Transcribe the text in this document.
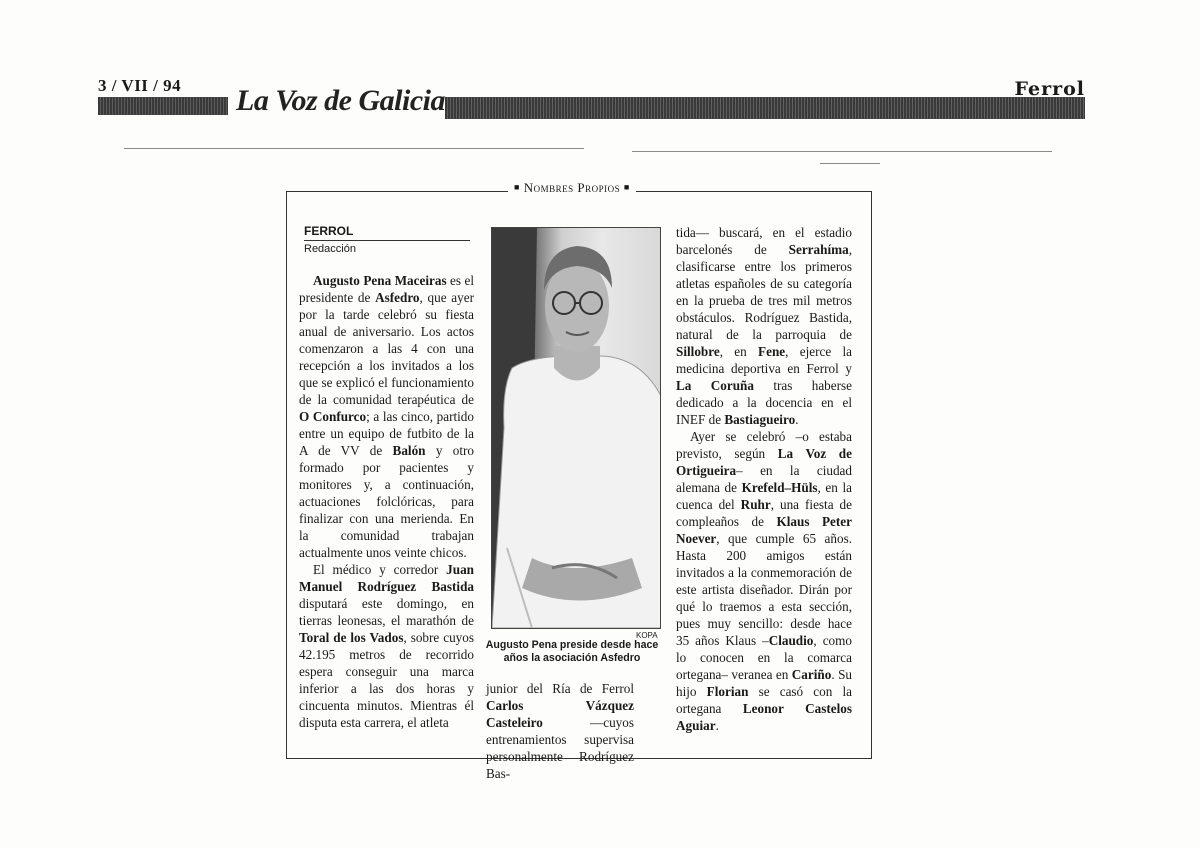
3 / VII / 94 La Voz de Galicia	Ferrol
■ Nombres Propios ■
FERROL
Redacción

Augusto Pena Maceiras es el presidente de Asfedro, que ayer por la tarde celebró su fiesta anual de aniversario. Los actos comenzaron a las 4 con una recepción a los invitados a los que se explicó el funcionamiento de la comunidad terapéutica de O Confurco; a las cinco, partido entre un equipo de futbito de la A de VV de Balón y otro formado por pacientes y monitores y, a continuación, actuaciones folclóricas, para finalizar con una merienda. En la comunidad trabajan actualmente unos veinte chicos.

El médico y corredor Juan Manuel Rodríguez Bastida disputará este domingo, en tierras leonesas, el marathón de Toral de los Vados, sobre cuyos 42.195 metros de recorrido espera conseguir una marca inferior a las dos horas y cincuenta minutos. Mientras él disputa esta carrera, el atleta

KOPA
Augusto Pena preside desde hace años la asociación Asfedro

junior del Ría de Ferrol Carlos Vázquez Casteleiro —cuyos entrenamientos supervisa personalmente Rodríguez Bas-

tida— buscará, en el estadio barcelonés de Serrahíma, clasificarse entre los primeros atletas españoles de su categoría en la prueba de tres mil metros obstáculos. Rodríguez Bastida, natural de la parroquia de Sillobre, en Fene, ejerce la medicina deportiva en Ferrol y La Coruña tras haberse dedicado a la docencia en el INEF de Bastiagueiro.

Ayer se celebró –o estaba previsto, según La Voz de Ortigueira– en la ciudad alemana de Krefeld–Hüls, en la cuenca del Ruhr, una fiesta de compleaños de Klaus Peter Noever, que cumple 65 años. Hasta 200 amigos están invitados a la conmemoración de este artista diseñador. Dirán por qué lo traemos a esta sección, pues muy sencillo: desde hace 35 años Klaus –Claudio, como lo conocen en la comarca ortegana– veranea en Cariño. Su hijo Florian se casó con la ortegana Leonor Castelos Aguiar.
